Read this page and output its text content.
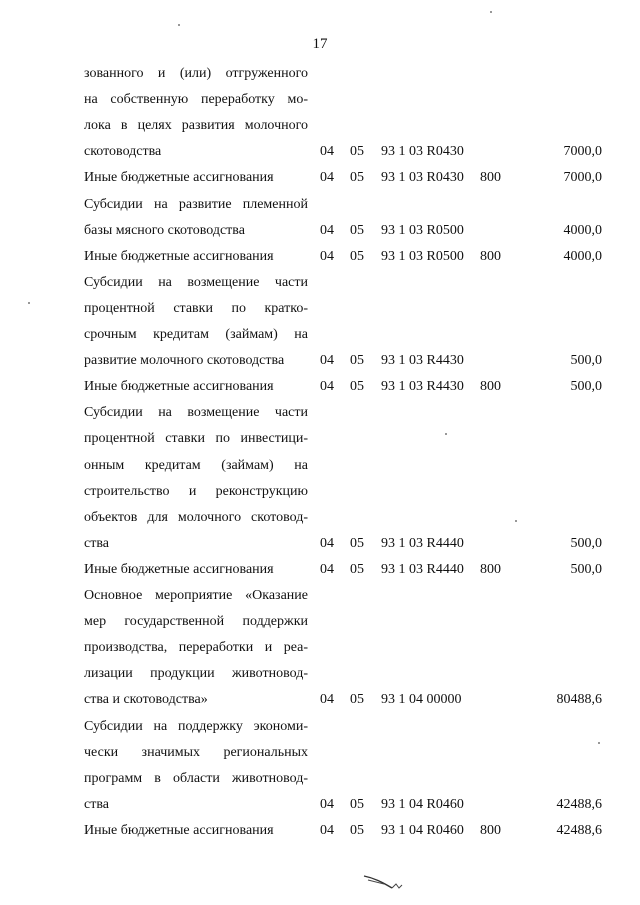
17
зованного и (или) отгруженного
на собственную переработку мо-
лока в целях развития молочного
скотоводства	04 05 93 1 03 R0430	7000,0
Иные бюджетные ассигнования	04 05 93 1 03 R0430 800	7000,0
Субсидии на развитие племенной
базы мясного скотоводства	04 05 93 1 03 R0500	4000,0
Иные бюджетные ассигнования	04 05 93 1 03 R0500 800	4000,0
Субсидии на возмещение части
процентной ставки по кратко-
срочным кредитам (займам) на
развитие молочного скотоводства	04 05 93 1 03 R4430	500,0
Иные бюджетные ассигнования	04 05 93 1 03 R4430 800	500,0
Субсидии на возмещение части
процентной ставки по инвестици-
онным кредитам (займам) на
строительство и реконструкцию
объектов для молочного скотовод-
ства	04 05 93 1 03 R4440	500,0
Иные бюджетные ассигнования	04 05 93 1 03 R4440 800	500,0
Основное мероприятие «Оказание
мер государственной поддержки
производства, переработки и реа-
лизации продукции животновод-
ства и скотоводства»	04 05 93 1 04 00000	80488,6
Субсидии на поддержку экономи-
чески значимых региональных
программ в области животновод-
ства	04 05 93 1 04 R0460	42488,6
Иные бюджетные ассигнования	04 05 93 1 04 R0460 800	42488,6
